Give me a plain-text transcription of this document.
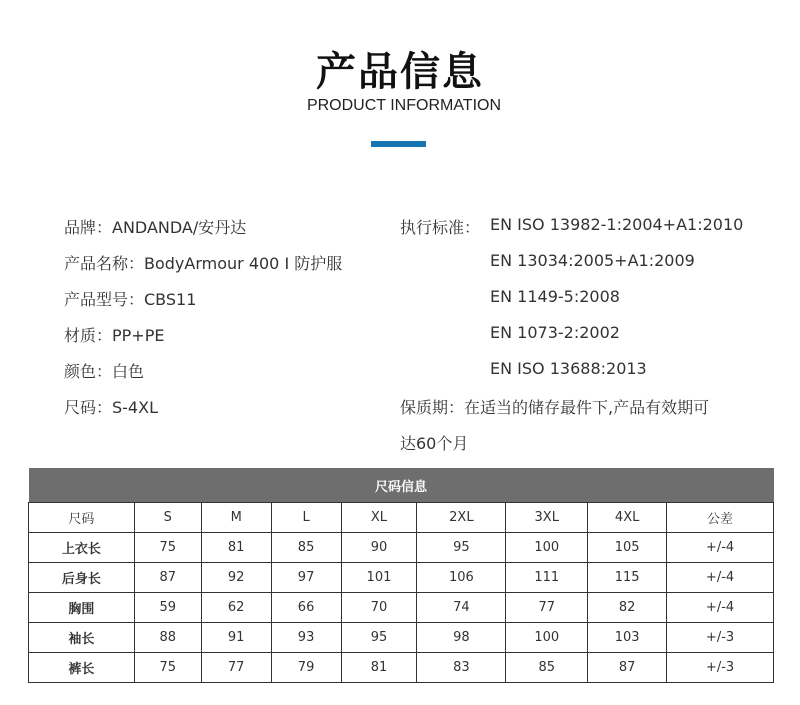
产品信息
PRODUCT INFORMATION
品牌：ANDANDA/安丹达
产品名称：BodyArmour 400 I 防护服
产品型号：CBS11
材质：PP+PE
颜色：白色
尺码：S-4XL
执行标准： EN ISO 13982-1:2004+A1:2010
EN 13034:2005+A1:2009
EN 1149-5:2008
EN 1073-2:2002
EN ISO 13688:2013
保质期：在适当的储存最件下,产品有效期可
达60个月
尺码信息								
尺码	S	M	L	XL	2XL	3XL	4XL	公差
上衣长	75	81	85	90	95	100	105	+/-4
后身长	87	92	97	101	106	111	115	+/-4
胸围	59	62	66	70	74	77	82	+/-4
袖长	88	91	93	95	98	100	103	+/-3
裤长	75	77	79	81	83	85	87	+/-3
